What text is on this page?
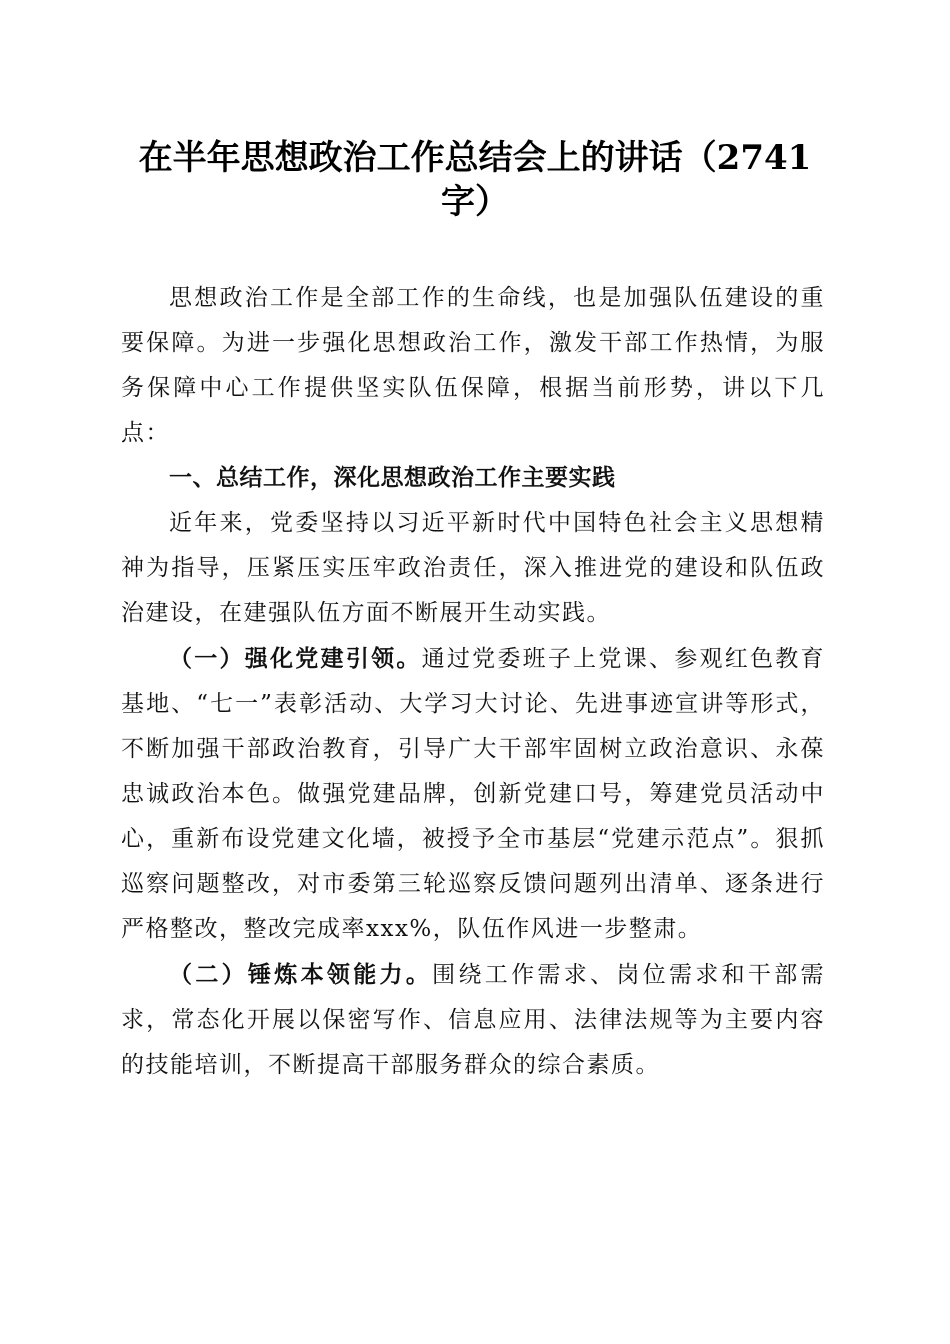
在半年思想政治工作总结会上的讲话（2741
字）

思想政治工作是全部工作的生命线，也是加强队伍建设的重要保障。为进一步强化思想政治工作，激发干部工作热情，为服务保障中心工作提供坚实队伍保障，根据当前形势，讲以下几点：

一、总结工作，深化思想政治工作主要实践

近年来，党委坚持以习近平新时代中国特色社会主义思想精神为指导，压紧压实压牢政治责任，深入推进党的建设和队伍政治建设，在建强队伍方面不断展开生动实践。

（一）强化党建引领。通过党委班子上党课、参观红色教育基地、“七一”表彰活动、大学习大讨论、先进事迹宣讲等形式，不断加强干部政治教育，引导广大干部牢固树立政治意识、永葆忠诚政治本色。做强党建品牌，创新党建口号，筹建党员活动中心，重新布设党建文化墙，被授予全市基层“党建示范点”。狠抓巡察问题整改，对市委第三轮巡察反馈问题列出清单、逐条进行严格整改，整改完成率xxx%，队伍作风进一步整肃。

（二）锤炼本领能力。围绕工作需求、岗位需求和干部需求，常态化开展以保密写作、信息应用、法律法规等为主要内容的技能培训，不断提高干部服务群众的综合素质。
